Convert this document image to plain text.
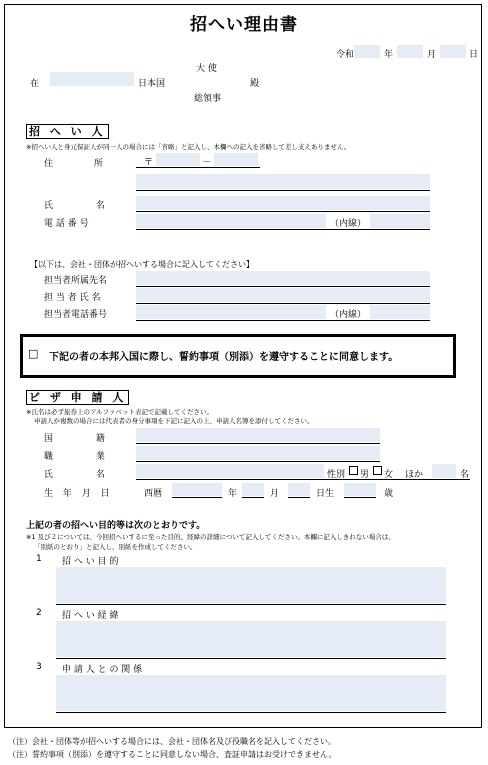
招へい理由書
令和	年	月	日
大 使
在	日本国	殿
総領事
招 へ い 人
※招へい人と身元保証人が同一人の場合には「省略」と記入し、本欄への記入を省略して差し支えありません。
住 所	〒	－
氏 名
電 話 番 号	（内線）
【以下は、会社・団体が招へいする場合に記入してください】
担当者所属先名
担 当 者 氏 名
担当者電話番号	（内線）
□ 下記の者の本邦入国に際し、誓約事項（別添）を遵守することに同意します。
ビ ザ 申 請 人
※氏名は必ず旅券上のアルファベット表記で記載してください。
申請人が複数の場合には代表者の身分事項を下記に記入の上、申請人名簿を添付してください。
国 籍
職 業
氏 名	性別 男 女 ほか	名
生 年 月 日	西暦	年	月	日生	歳
上記の者の招へい目的等は次のとおりです。
※1 及び２については、今回招へいするに至った目的、経緯の詳細について記入してください。本欄に記入しきれない場合は、
「別紙のとおり」と記入し、別紙を作成してください。
1 招 へ い 目 的
2 招 へ い 経 緯
3 申 請 人 と の 関 係
（注）会社・団体等が招へいする場合には、会社・団体名及び役職名を記入してください。
（注）誓約事項（別添）を遵守することに同意しない場合、査証申請はお受けできません。
